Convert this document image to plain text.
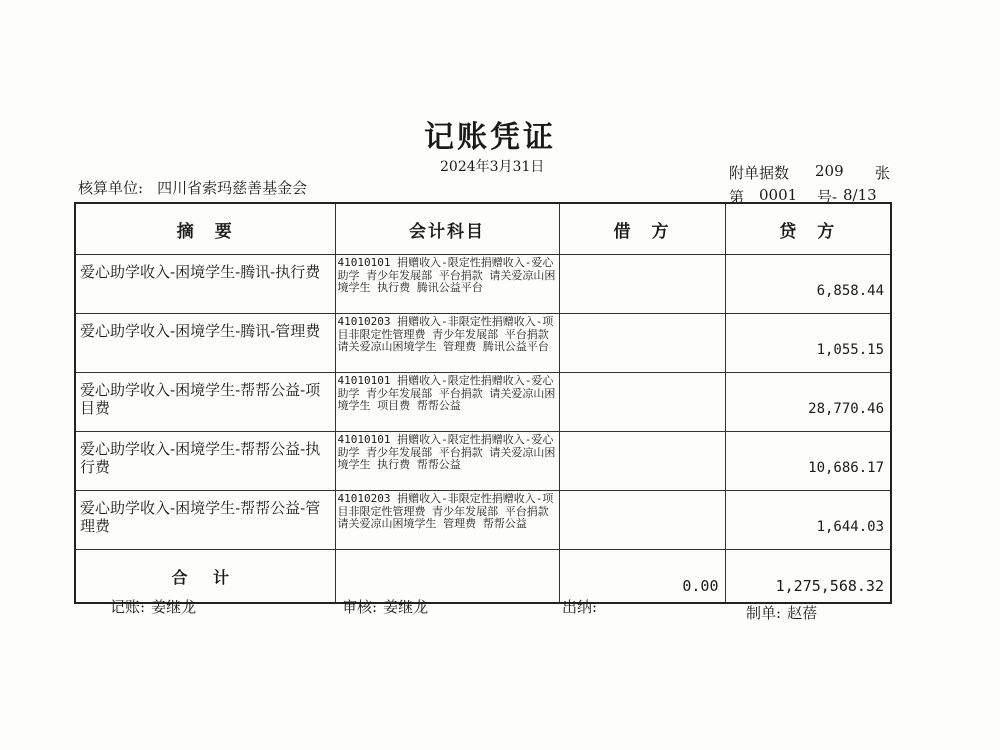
记账凭证
2024年3月31日
核算单位: 四川省索玛慈善基金会
附单据数 209 张
第 0001 号- 8/13
摘　要	会计科目	借　方	贷　方

爱心助学收入-困境学生-腾讯-执行费	41010101 捐赠收入-限定性捐赠收入-爱心助学 青少年发展部 平台捐款 请关爱凉山困境学生 执行费 腾讯公益平台		6,858.44

爱心助学收入-困境学生-腾讯-管理费	41010203 捐赠收入-非限定性捐赠收入-项目非限定性管理费 青少年发展部 平台捐款 请关爱凉山困境学生 管理费 腾讯公益平台		1,055.15

爱心助学收入-困境学生-帮帮公益-项目费	41010101 捐赠收入-限定性捐赠收入-爱心助学 青少年发展部 平台捐款 请关爱凉山困境学生 项目费 帮帮公益		28,770.46

爱心助学收入-困境学生-帮帮公益-执行费	41010101 捐赠收入-限定性捐赠收入-爱心助学 青少年发展部 平台捐款 请关爱凉山困境学生 执行费 帮帮公益		10,686.17

爱心助学收入-困境学生-帮帮公益-管理费	41010203 捐赠收入-非限定性捐赠收入-项目非限定性管理费 青少年发展部 平台捐款 请关爱凉山困境学生 管理费 帮帮公益		1,644.03

合 计		0.00	1,275,568.32
记账: 姜继龙	审核: 姜继龙	出纳:	制单: 赵蓓
